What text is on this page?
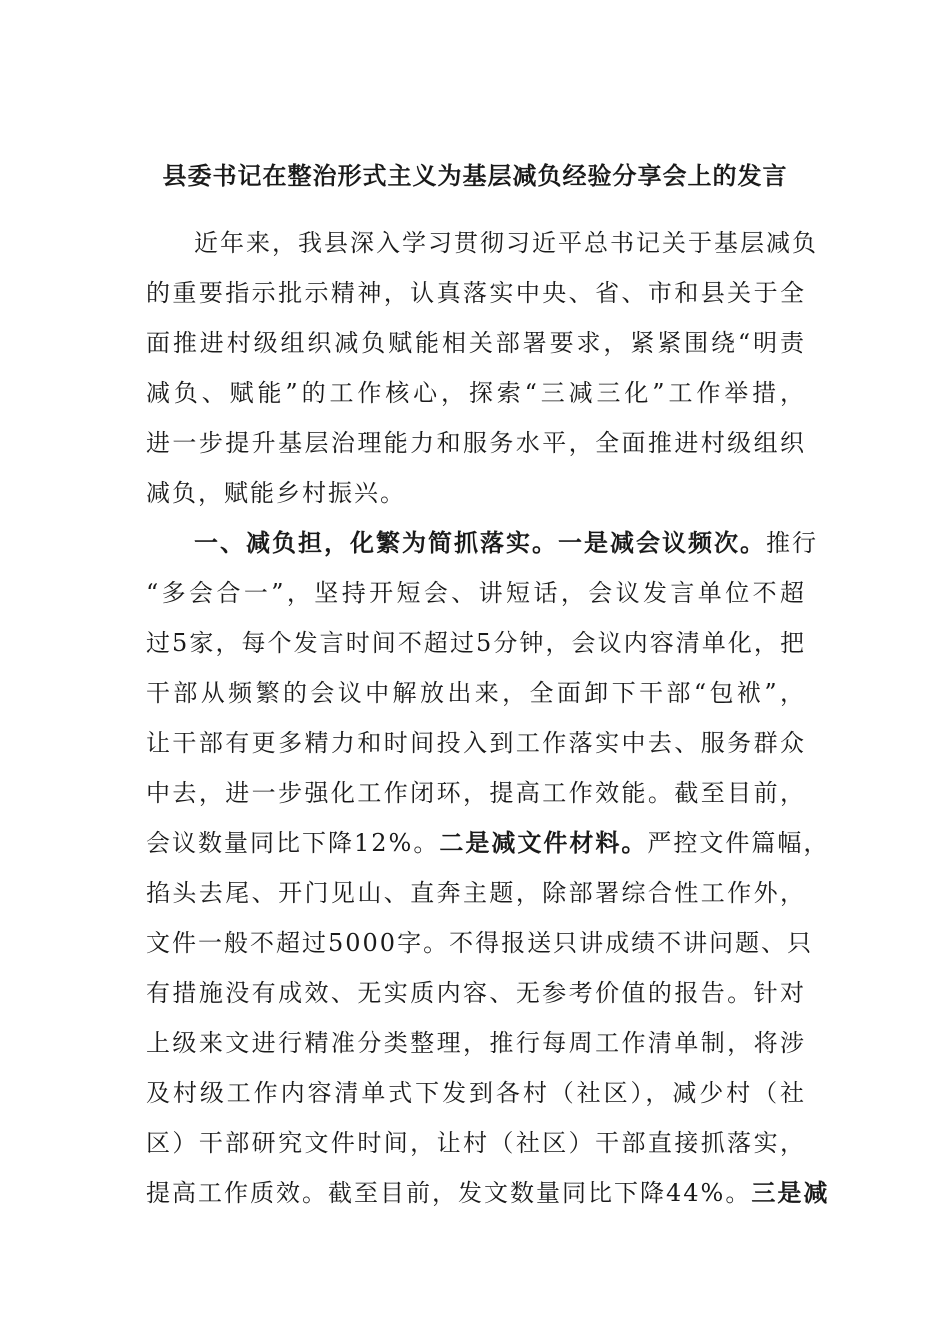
县委书记在整治形式主义为基层减负经验分享会上的发言
近年来，我县深入学习贯彻习近平总书记关于基层减负
的重要指示批示精神，认真落实中央、省、市和县关于全
面推进村级组织减负赋能相关部署要求，紧紧围绕“明责
减负、赋能”的工作核心，探索“三减三化”工作举措，
进一步提升基层治理能力和服务水平，全面推进村级组织
减负，赋能乡村振兴。
一、减负担，化繁为简抓落实。一是减会议频次。推行
“多会合一”，坚持开短会、讲短话，会议发言单位不超
过5家，每个发言时间不超过5分钟，会议内容清单化，把
干部从频繁的会议中解放出来，全面卸下干部“包袱”，
让干部有更多精力和时间投入到工作落实中去、服务群众
中去，进一步强化工作闭环，提高工作效能。截至目前，
会议数量同比下降12%。二是减文件材料。严控文件篇幅，
掐头去尾、开门见山、直奔主题，除部署综合性工作外，
文件一般不超过5000字。不得报送只讲成绩不讲问题、只
有措施没有成效、无实质内容、无参考价值的报告。针对
上级来文进行精准分类整理，推行每周工作清单制，将涉
及村级工作内容清单式下发到各村（社区），减少村（社
区）干部研究文件时间，让村（社区）干部直接抓落实，
提高工作质效。截至目前，发文数量同比下降44%。三是减
